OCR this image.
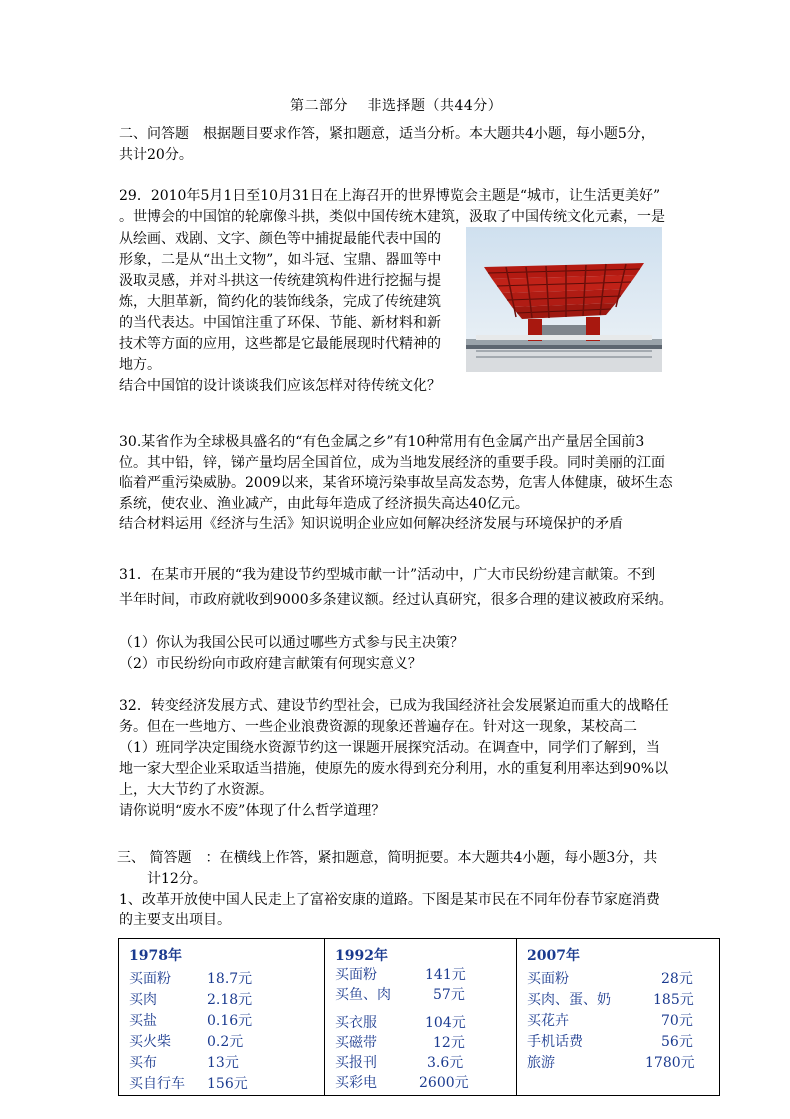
第二部分　 非选择题（共44分）
二、问答题　根据题目要求作答，紧扣题意，适当分析。本大题共4小题，每小题5分，
共计20分。
29．2010年5月1日至10月31日在上海召开的世界博览会主题是“城市，让生活更美好”
。世博会的中国馆的轮廓像斗拱，类似中国传统木建筑，汲取了中国传统文化元素，一是
从绘画、戏剧、文字、颜色等中捕捉最能代表中国的
形象，二是从“出土文物”，如斗冠、宝鼎、器皿等中
汲取灵感，并对斗拱这一传统建筑构件进行挖掘与提
炼，大胆革新，简约化的装饰线条，完成了传统建筑
的当代表达。中国馆注重了环保、节能、新材料和新
技术等方面的应用，这些都是它最能展现时代精神的
地方。
结合中国馆的设计谈谈我们应该怎样对待传统文化？
30.某省作为全球极具盛名的“有色金属之乡”有10种常用有色金属产出产量居全国前3
位。其中铅，锌，锑产量均居全国首位，成为当地发展经济的重要手段。同时美丽的江面
临着严重污染威胁。2009以来，某省环境污染事故呈高发态势，危害人体健康，破坏生态
系统，使农业、渔业减产，由此每年造成了经济损失高达40亿元。
结合材料运用《经济与生活》知识说明企业应如何解决经济发展与环境保护的矛盾
31．在某市开展的“我为建设节约型城市献一计”活动中，广大市民纷纷建言献策。不到
半年时间，市政府就收到9000多条建议额。经过认真研究，很多合理的建议被政府采纳。
（1）你认为我国公民可以通过哪些方式参与民主决策？
（2）市民纷纷向市政府建言献策有何现实意义？
32．转变经济发展方式、建设节约型社会，已成为我国经济社会发展紧迫而重大的战略任
务。但在一些地方、一些企业浪费资源的现象还普遍存在。针对这一现象，某校高二
（1）班同学决定围绕水资源节约这一课题开展探究活动。在调查中，同学们了解到，当
地一家大型企业采取适当措施，使原先的废水得到充分利用，水的重复利用率达到90%以
上，大大节约了水资源。
请你说明“废水不废”体现了什么哲学道理？
三、 简答题　：在横线上作答，紧扣题意，简明扼要。本大题共4小题，每小题3分，共
计12分。
1、改革开放使中国人民走上了富裕安康的道路。下图是某市民在不同年份春节家庭消费
的主要支出项目。
1978年
买面粉	18.7元
买肉	2.18元
买盐	0.16元
买火柴	0.2元
买布	13元
买自行车 156元
1992年
买面粉	141元
买鱼、肉	57元
买衣服	104元
买磁带	12元
买报刊	3.6元
买彩电	2600元
2007年
买面粉	28元
买肉、蛋、奶	185元
买花卉	70元
手机话费	56元
旅游	1780元
